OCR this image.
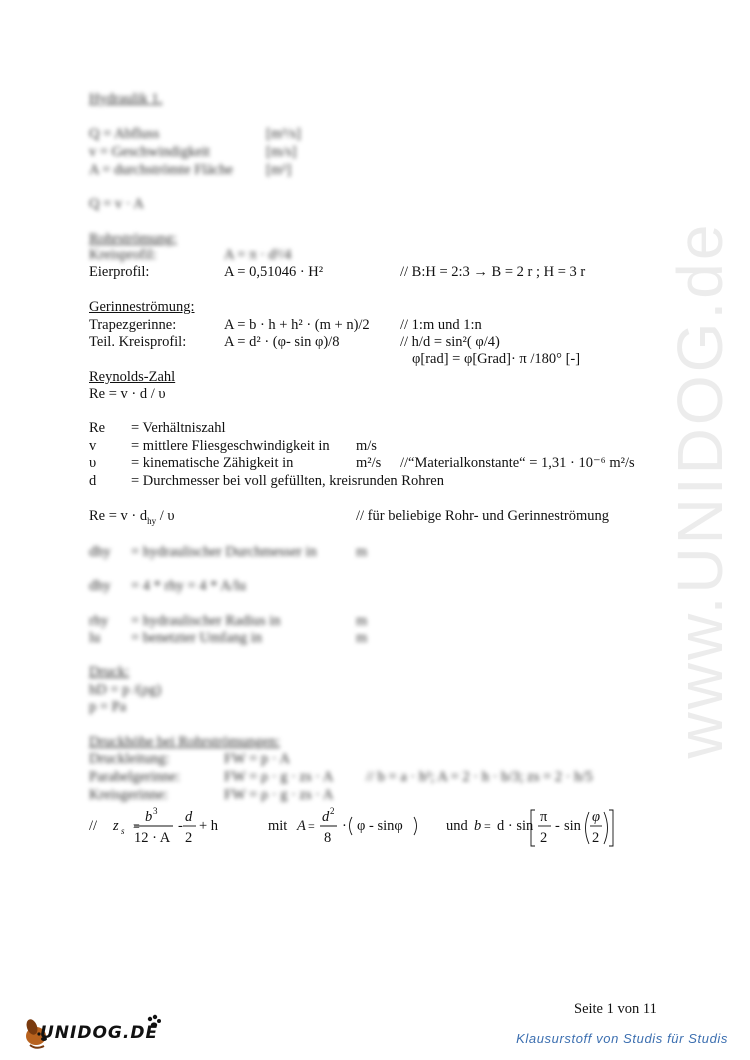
www.UNIDOG.de
Hydraulik 1.
Q = Abfluss	[m³/s]
v = Geschwindigkeit	[m/s]
A = durchströmte Fläche [m²]
Q = v · A
Rohrströmung:
Kreisprofil:	A = π · d²/4
Eierprofil:	A = 0,51046 · H²	// B:H = 2:3 → B = 2 r ; H = 3 r
Gerinneströmung:
Trapezgerinne:	A = b · h + h² · (m + n)/2 // 1:m und 1:n
Teil. Kreisprofil:	A = d² · (φ- sin φ)/8	// h/d = sin²( φ/4)
φ[rad] = φ[Grad]· π /180° [-]
Reynolds-Zahl
Re = v · d / υ
Re = Verhältniszahl
v = mittlere Fliesgeschwindigkeit in m/s
υ = kinematische Zähigkeit in	m²/s //“Materialkonstante“ = 1,31 · 10⁻⁶ m²/s
d = Durchmesser bei voll gefüllten, kreisrunden Rohren
$Re = v \cdot d_{hy} / \upsilon$	// für beliebige Rohr- und Gerinneströmung
dhy = hydraulischer Durchmesser in	m
dhy = 4 * rhy = 4 * A/lu
rhy = hydraulischer Radius in	m
lu = benetzter Umfang in	m
Druck:
hD = p /(ρg)
p = Pa
Druckhöhe bei Rohrströmungen:
Druckleitung:	FW = p · A
Parabelgerinne:	FW = ρ · g · zs · A // b = a · h²; A = 2 · h · b/3; zs = 2 · h/5
Kreisgerinne:	FW = ρ · g · zs · A
// z s =
b 3
12 · A
-
d
2
+ h	mit A =
d 2
8
· φ - sinφ	und b = d · sin
π
2
- sin
φ
2
Seite 1 von 11
UNIDOG.DE	Klausurstoff von Studis für Studis
